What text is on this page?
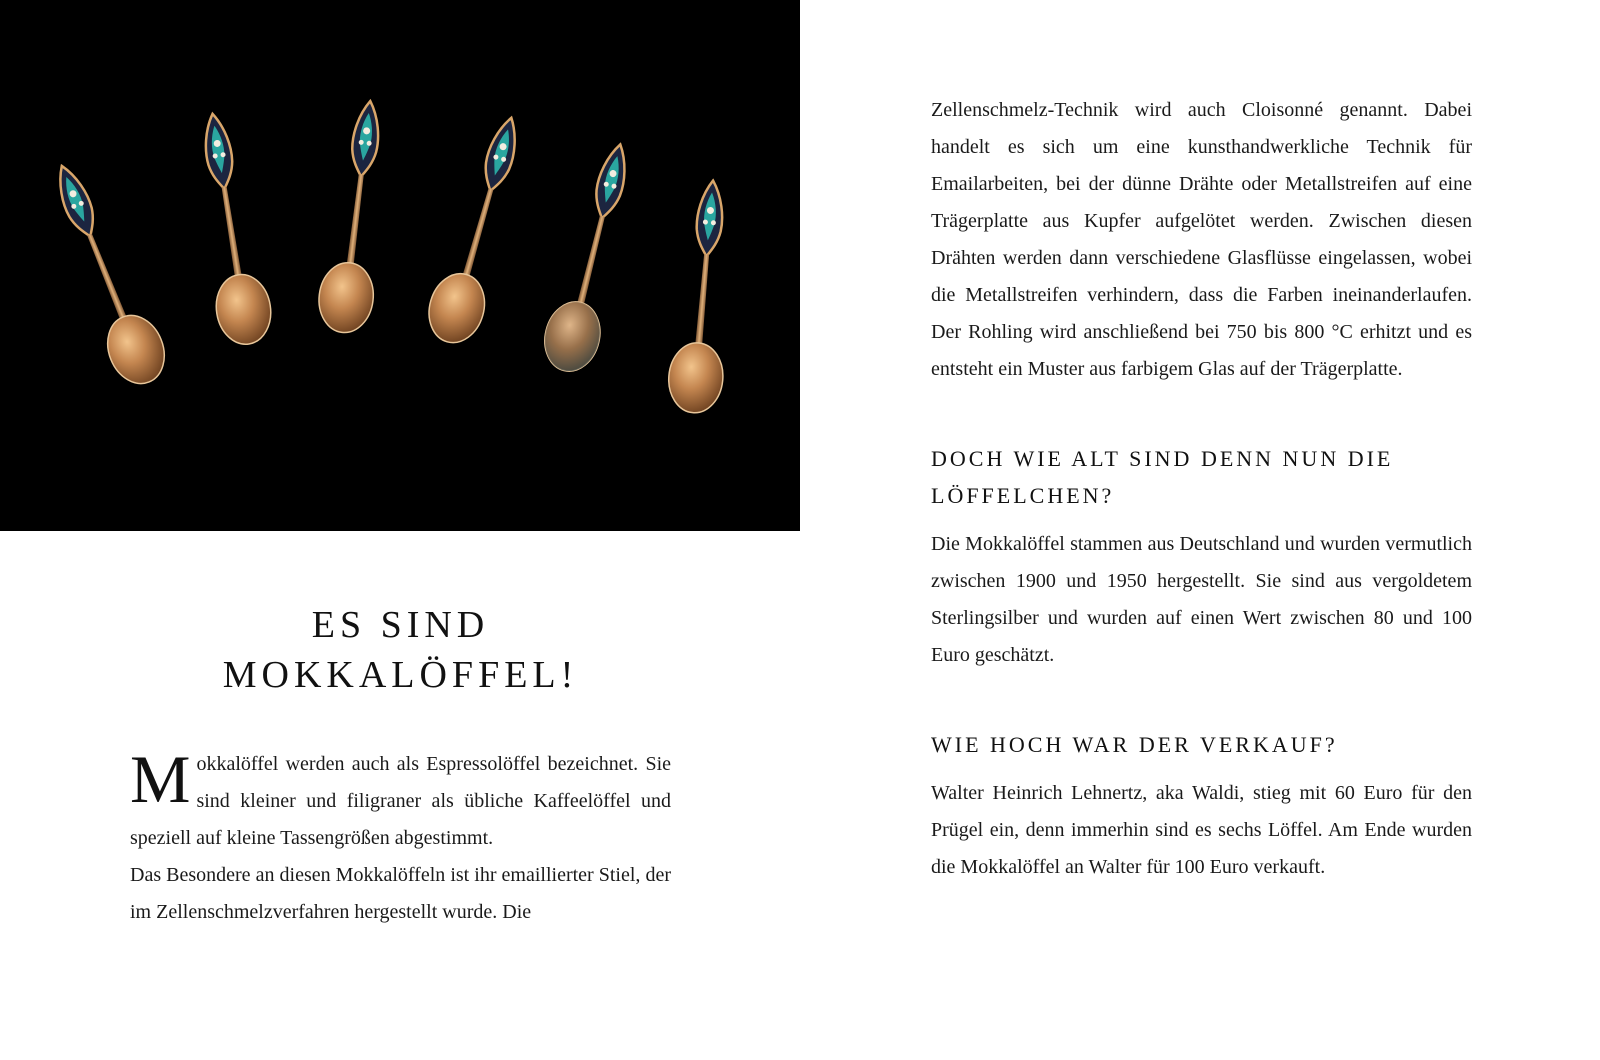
ES SIND
MOKKALÖFFEL!

Mokkalöffel werden auch als Espressolöffel bezeichnet. Sie sind kleiner und filigraner als übliche Kaffeelöffel und speziell auf kleine Tassengrößen abgestimmt.

Das Besondere an diesen Mokkalöffeln ist ihr emaillierter Stiel, der im Zellenschmelzverfahren hergestellt wurde. Die

Zellenschmelz-Technik wird auch Cloisonné genannt. Dabei handelt es sich um eine kunsthandwerkliche Technik für Emailarbeiten, bei der dünne Drähte oder Metallstreifen auf eine Trägerplatte aus Kupfer aufgelötet werden. Zwischen diesen Drähten werden dann verschiedene Glasflüsse eingelassen, wobei die Metallstreifen verhindern, dass die Farben ineinanderlaufen. Der Rohling wird anschließend bei 750 bis 800 °C erhitzt und es entsteht ein Muster aus farbigem Glas auf der Trägerplatte.

DOCH WIE ALT SIND DENN NUN DIE LÖFFELCHEN?

Die Mokkalöffel stammen aus Deutschland und wurden vermutlich zwischen 1900 und 1950 hergestellt. Sie sind aus vergoldetem Sterlingsilber und wurden auf einen Wert zwischen 80 und 100 Euro geschätzt.

WIE HOCH WAR DER VERKAUF?

Walter Heinrich Lehnertz, aka Waldi, stieg mit 60 Euro für den Prügel ein, denn immerhin sind es sechs Löffel. Am Ende wurden die Mokkalöffel an Walter für 100 Euro verkauft.
